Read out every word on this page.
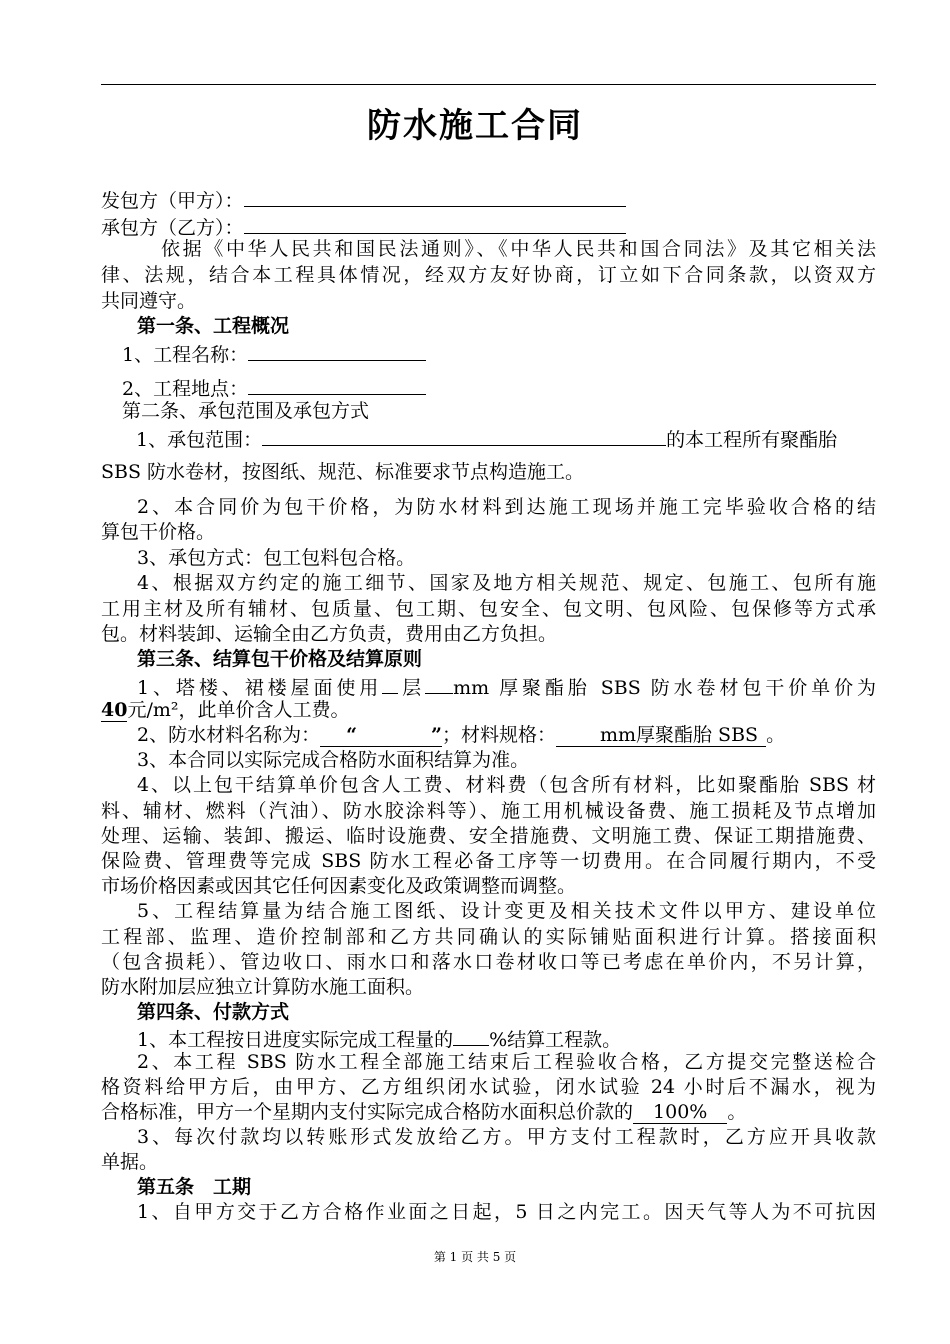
防水施工合同
发包方（甲方）：
承包方（乙方）：
依据《中华人民共和国民法通则》、《中华人民共和国合同法》及其它相关法
律、法规，结合本工程具体情况，经双方友好协商，订立如下合同条款，以资双方
共同遵守。
第一条、工程概况
1、工程名称：
2、工程地点：
第二条、承包范围及承包方式
1、承包范围：	的本工程所有聚酯胎
SBS 防水卷材，按图纸、规范、标准要求节点构造施工。
2、本合同价为包干价格，为防水材料到达施工现场并施工完毕验收合格的结
算包干价格。
3、承包方式：包工包料包合格。
4、根据双方约定的施工细节、国家及地方相关规范、规定、包施工、包所有施
工用主材及所有辅材、包质量、包工期、包安全、包文明、包风险、包保修等方式承
包。材料装卸、运输全由乙方负责，费用由乙方负担。
第三条、结算包干价格及结算原则
1、塔楼、裙楼屋面使用 层 mm 厚聚酯胎 SBS 防水卷材包干价单价为
40元/m²，此单价含人工费。
2、防水材料名称为： “	”；材料规格： mm厚聚酯胎 SBS 。
3、本合同以实际完成合格防水面积结算为准。
4、以上包干结算单价包含人工费、材料费（包含所有材料，比如聚酯胎 SBS 材
料、辅材、燃料（汽油）、防水胶涂料等）、施工用机械设备费、施工损耗及节点增加
处理、运输、装卸、搬运、临时设施费、安全措施费、文明施工费、保证工期措施费、
保险费、管理费等完成 SBS 防水工程必备工序等一切费用。在合同履行期内，不受
市场价格因素或因其它任何因素变化及政策调整而调整。
5、工程结算量为结合施工图纸、设计变更及相关技术文件以甲方、建设单位
工程部、监理、造价控制部和乙方共同确认的实际铺贴面积进行计算。搭接面积
（包含损耗）、管边收口、雨水口和落水口卷材收口等已考虑在单价内，不另计算，
防水附加层应独立计算防水施工面积。
第四条、付款方式
1、本工程按日进度实际完成工程量的 %结算工程款。
2、本工程 SBS 防水工程全部施工结束后工程验收合格，乙方提交完整送检合
格资料给甲方后，由甲方、乙方组织闭水试验，闭水试验 24 小时后不漏水，视为
合格标准，甲方一个星期内支付实际完成合格防水面积总价款的 100% 。
3、每次付款均以转账形式发放给乙方。甲方支付工程款时，乙方应开具收款
单据。
第五条　工期
1、自甲方交于乙方合格作业面之日起，5 日之内完工。因天气等人为不可抗因
第 1 页 共 5 页
